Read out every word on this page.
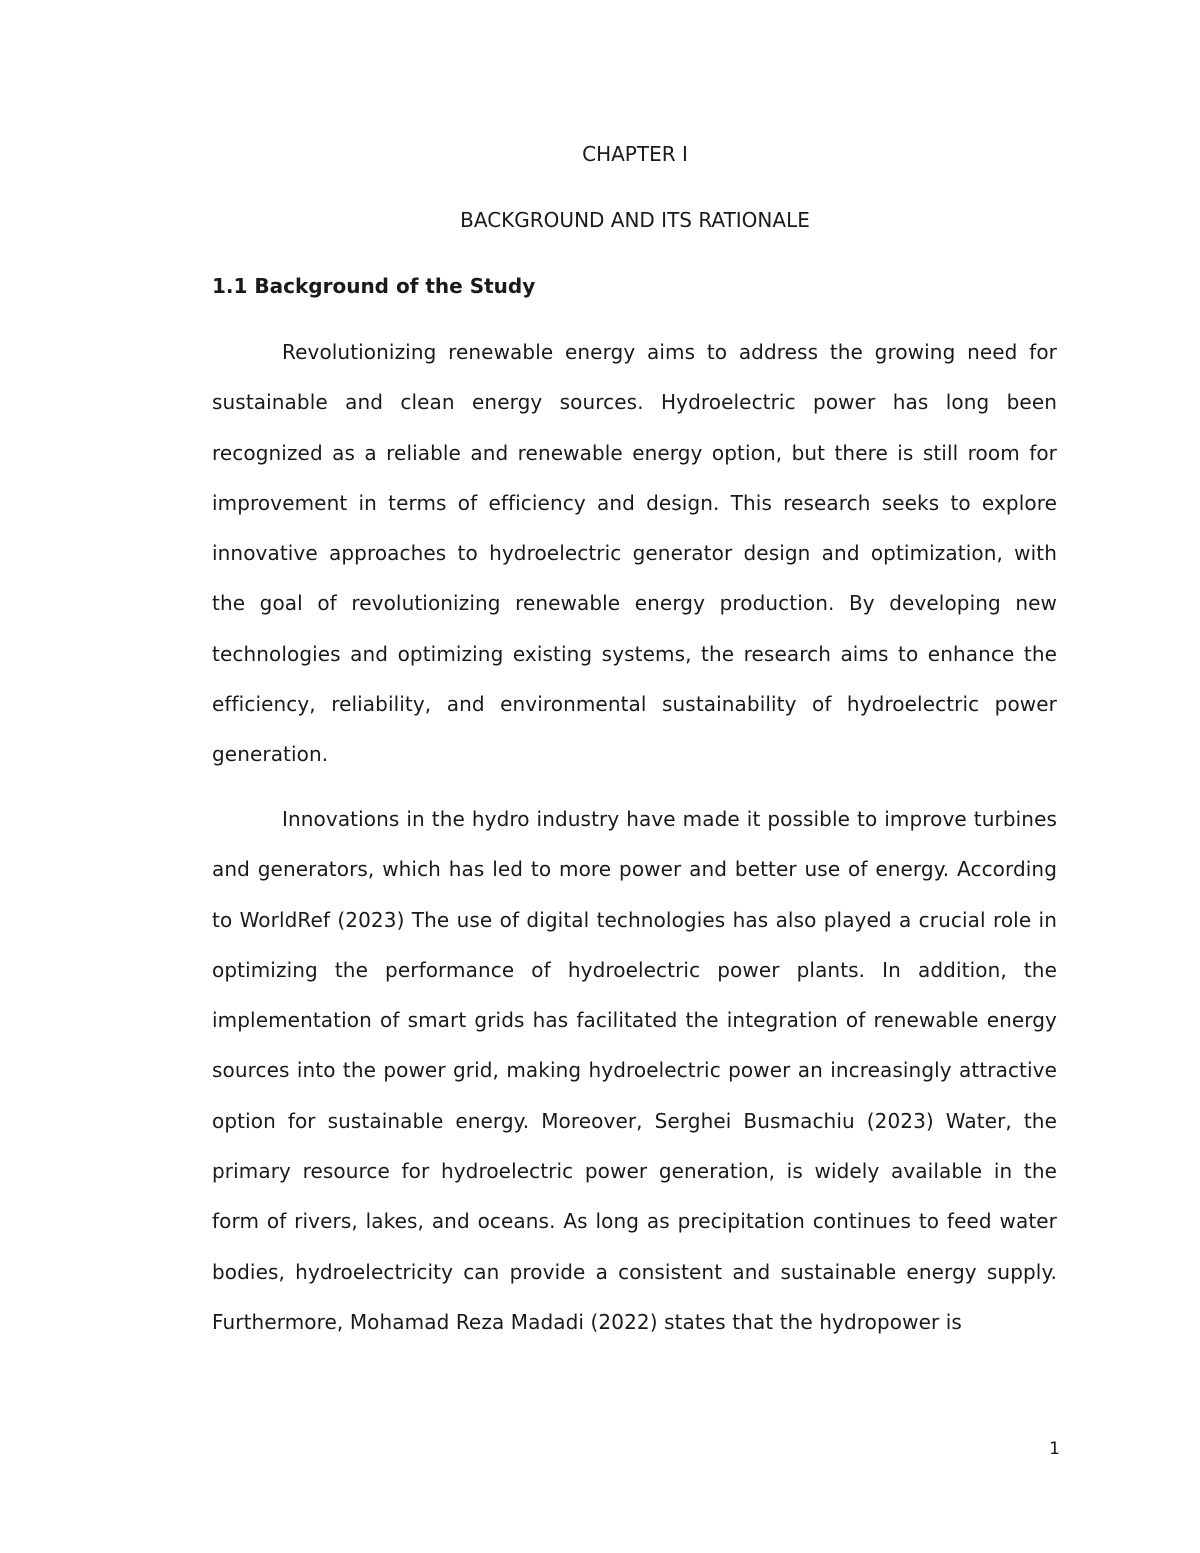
CHAPTER I
BACKGROUND AND ITS RATIONALE
1.1 Background of the Study

Revolutionizing renewable energy aims to address the growing need for sustainable and clean energy sources. Hydroelectric power has long been recognized as a reliable and renewable energy option, but there is still room for improvement in terms of efficiency and design. This research seeks to explore innovative approaches to hydroelectric generator design and optimization, with the goal of revolutionizing renewable energy production. By developing new technologies and optimizing existing systems, the research aims to enhance the efficiency, reliability, and environmental sustainability of hydroelectric power generation.

Innovations in the hydro industry have made it possible to improve turbines and generators, which has led to more power and better use of energy. According to WorldRef (2023) The use of digital technologies has also played a crucial role in optimizing the performance of hydroelectric power plants. In addition, the implementation of smart grids has facilitated the integration of renewable energy sources into the power grid, making hydroelectric power an increasingly attractive option for sustainable energy. Moreover, Serghei Busmachiu (2023) Water, the primary resource for hydroelectric power generation, is widely available in the form of rivers, lakes, and oceans. As long as precipitation continues to feed water bodies, hydroelectricity can provide a consistent and sustainable energy supply. Furthermore, Mohamad Reza Madadi (2022) states that the hydropower is

1
